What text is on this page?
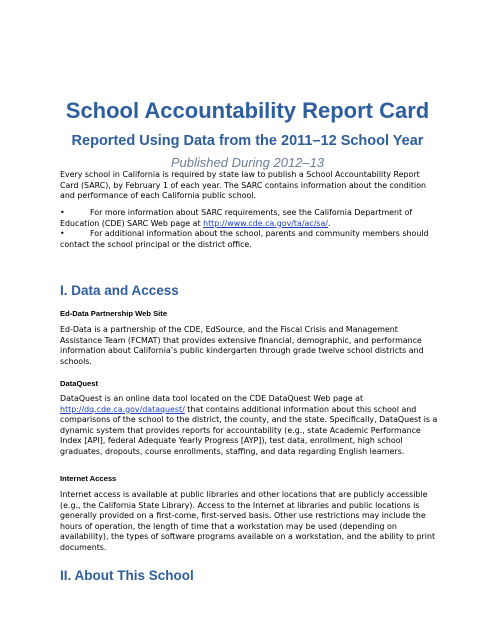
School Accountability Report Card
Reported Using Data from the 2011–12 School Year
Published During 2012–13

Every school in California is required by state law to publish a School Accountability Report Card (SARC), by February 1 of each year. The SARC contains information about the condition and performance of each California public school.

•	For more information about SARC requirements, see the California Department of Education (CDE) SARC Web page at http://www.cde.ca.gov/ta/ac/sa/.
•	For additional information about the school, parents and community members should contact the school principal or the district office.
I. Data and Access
Ed-Data Partnership Web Site

Ed-Data is a partnership of the CDE, EdSource, and the Fiscal Crisis and Management Assistance Team (FCMAT) that provides extensive financial, demographic, and performance information about California’s public kindergarten through grade twelve school districts and schools.

DataQuest

DataQuest is an online data tool located on the CDE DataQuest Web page at http://dq.cde.ca.gov/dataquest/ that contains additional information about this school and comparisons of the school to the district, the county, and the state. Specifically, DataQuest is a dynamic system that provides reports for accountability (e.g., state Academic Performance Index [API], federal Adequate Yearly Progress [AYP]), test data, enrollment, high school graduates, dropouts, course enrollments, staffing, and data regarding English learners.

Internet Access

Internet access is available at public libraries and other locations that are publicly accessible (e.g., the California State Library). Access to the Internet at libraries and public locations is generally provided on a first-come, first-served basis. Other use restrictions may include the hours of operation, the length of time that a workstation may be used (depending on availability), the types of software programs available on a workstation, and the ability to print documents.

II. About This School
